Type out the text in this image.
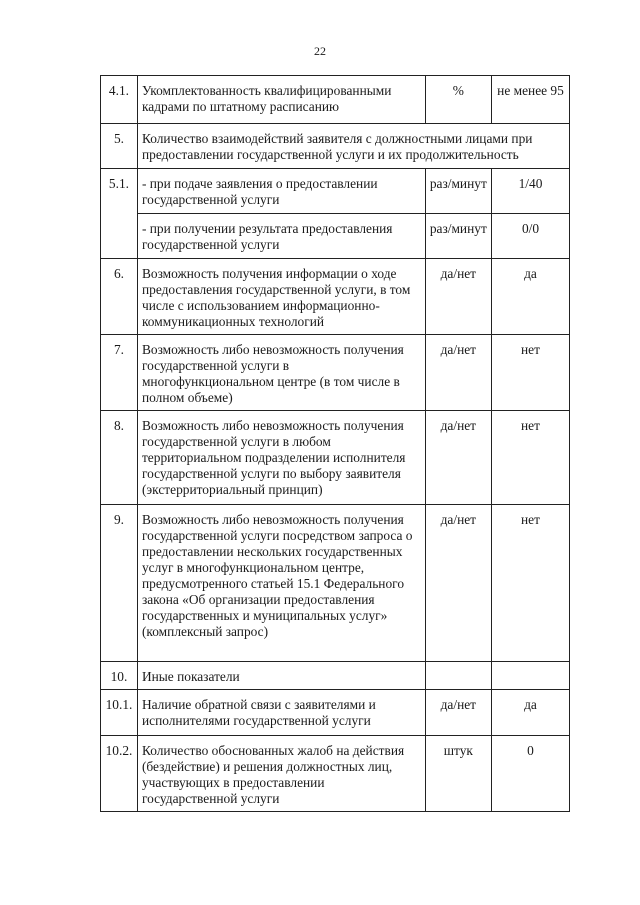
22
4.1.	Укомплектованность квалифицированными кадрами по штатному расписанию	%	не менее 95
5.	Количество взаимодействий заявителя с должностными лицами при предоставлении государственной услуги и их продолжительность		
5.1.	- при подаче заявления о предоставлении государственной услуги	раз/минут	1/40
	- при получении результата предоставления государственной услуги	раз/минут	0/0
6.	Возможность получения информации о ходе предоставления государственной услуги, в том числе с использованием информационно-коммуникационных технологий	да/нет	да
7.	Возможность либо невозможность получения государственной услуги в многофункциональном центре (в том числе в полном объеме)	да/нет	нет
8.	Возможность либо невозможность получения государственной услуги в любом территориальном подразделении исполнителя государственной услуги по выбору заявителя (экстерриториальный принцип)	да/нет	нет
9.	Возможность либо невозможность получения государственной услуги посредством запроса о предоставлении нескольких государственных услуг в многофункциональном центре, предусмотренного статьей 15.1 Федерального закона «Об организации предоставления государственных и муниципальных услуг» (комплексный запрос)	да/нет	нет
10.	Иные показатели		
10.1.	Наличие обратной связи с заявителями и исполнителями государственной услуги	да/нет	да
10.2.	Количество обоснованных жалоб на действия (бездействие) и решения должностных лиц, участвующих в предоставлении государственной услуги	штук	0
